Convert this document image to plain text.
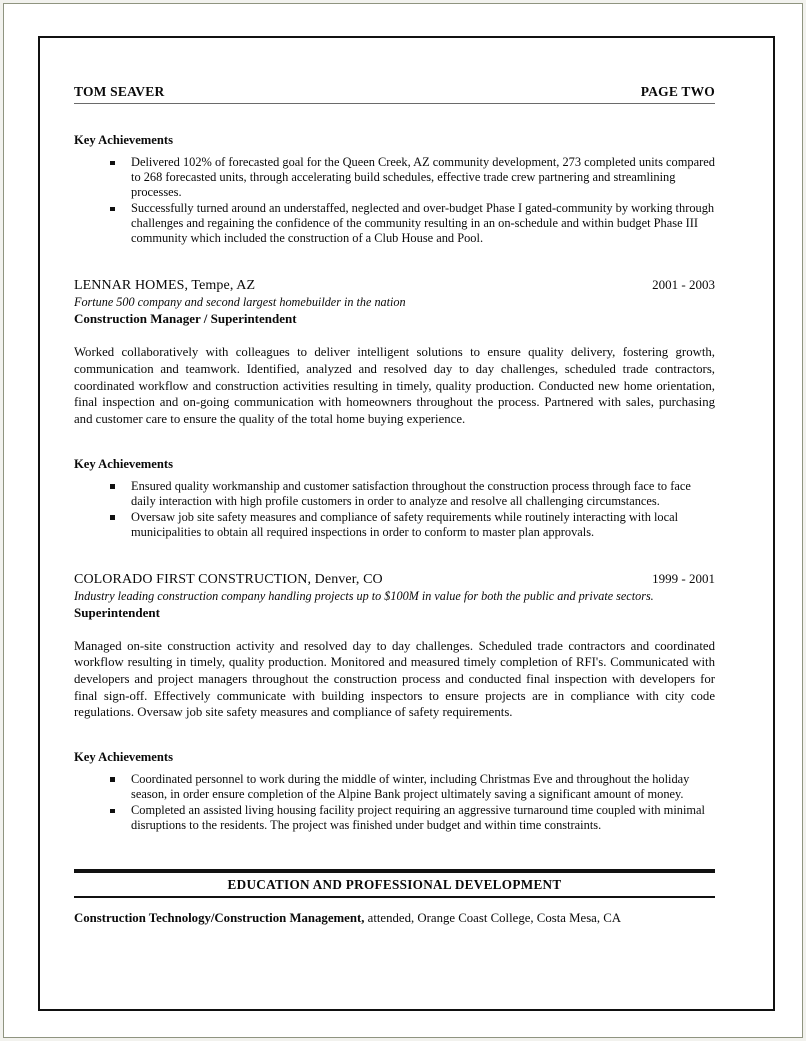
TOM SEAVER	PAGE TWO
Key Achievements
Delivered 102% of forecasted goal for the Queen Creek, AZ community development, 273 completed units compared to 268 forecasted units, through accelerating build schedules, effective trade crew partnering and streamlining processes.
Successfully turned around an understaffed, neglected and over-budget Phase I gated-community by working through challenges and regaining the confidence of the community resulting in an on-schedule and within budget Phase III community which included the construction of a Club House and Pool.
LENNAR HOMES, Tempe, AZ	2001 - 2003
Fortune 500 company and second largest homebuilder in the nation
Construction Manager / Superintendent
Worked collaboratively with colleagues to deliver intelligent solutions to ensure quality delivery, fostering growth, communication and teamwork. Identified, analyzed and resolved day to day challenges, scheduled trade contractors, coordinated workflow and construction activities resulting in timely, quality production. Conducted new home orientation, final inspection and on-going communication with homeowners throughout the process. Partnered with sales, purchasing and customer care to ensure the quality of the total home buying experience.
Key Achievements
Ensured quality workmanship and customer satisfaction throughout the construction process through face to face daily interaction with high profile customers in order to analyze and resolve all challenging circumstances.
Oversaw job site safety measures and compliance of safety requirements while routinely interacting with local municipalities to obtain all required inspections in order to conform to master plan approvals.
COLORADO FIRST CONSTRUCTION, Denver, CO	1999 - 2001
Industry leading construction company handling projects up to $100M in value for both the public and private sectors.
Superintendent
Managed on-site construction activity and resolved day to day challenges. Scheduled trade contractors and coordinated workflow resulting in timely, quality production. Monitored and measured timely completion of RFI's. Communicated with developers and project managers throughout the construction process and conducted final inspection with developers for final sign-off. Effectively communicate with building inspectors to ensure projects are in compliance with city code regulations. Oversaw job site safety measures and compliance of safety requirements.
Key Achievements
Coordinated personnel to work during the middle of winter, including Christmas Eve and throughout the holiday season, in order ensure completion of the Alpine Bank project ultimately saving a significant amount of money.
Completed an assisted living housing facility project requiring an aggressive turnaround time coupled with minimal disruptions to the residents. The project was finished under budget and within time constraints.
EDUCATION AND PROFESSIONAL DEVELOPMENT
Construction Technology/Construction Management, attended, Orange Coast College, Costa Mesa, CA
